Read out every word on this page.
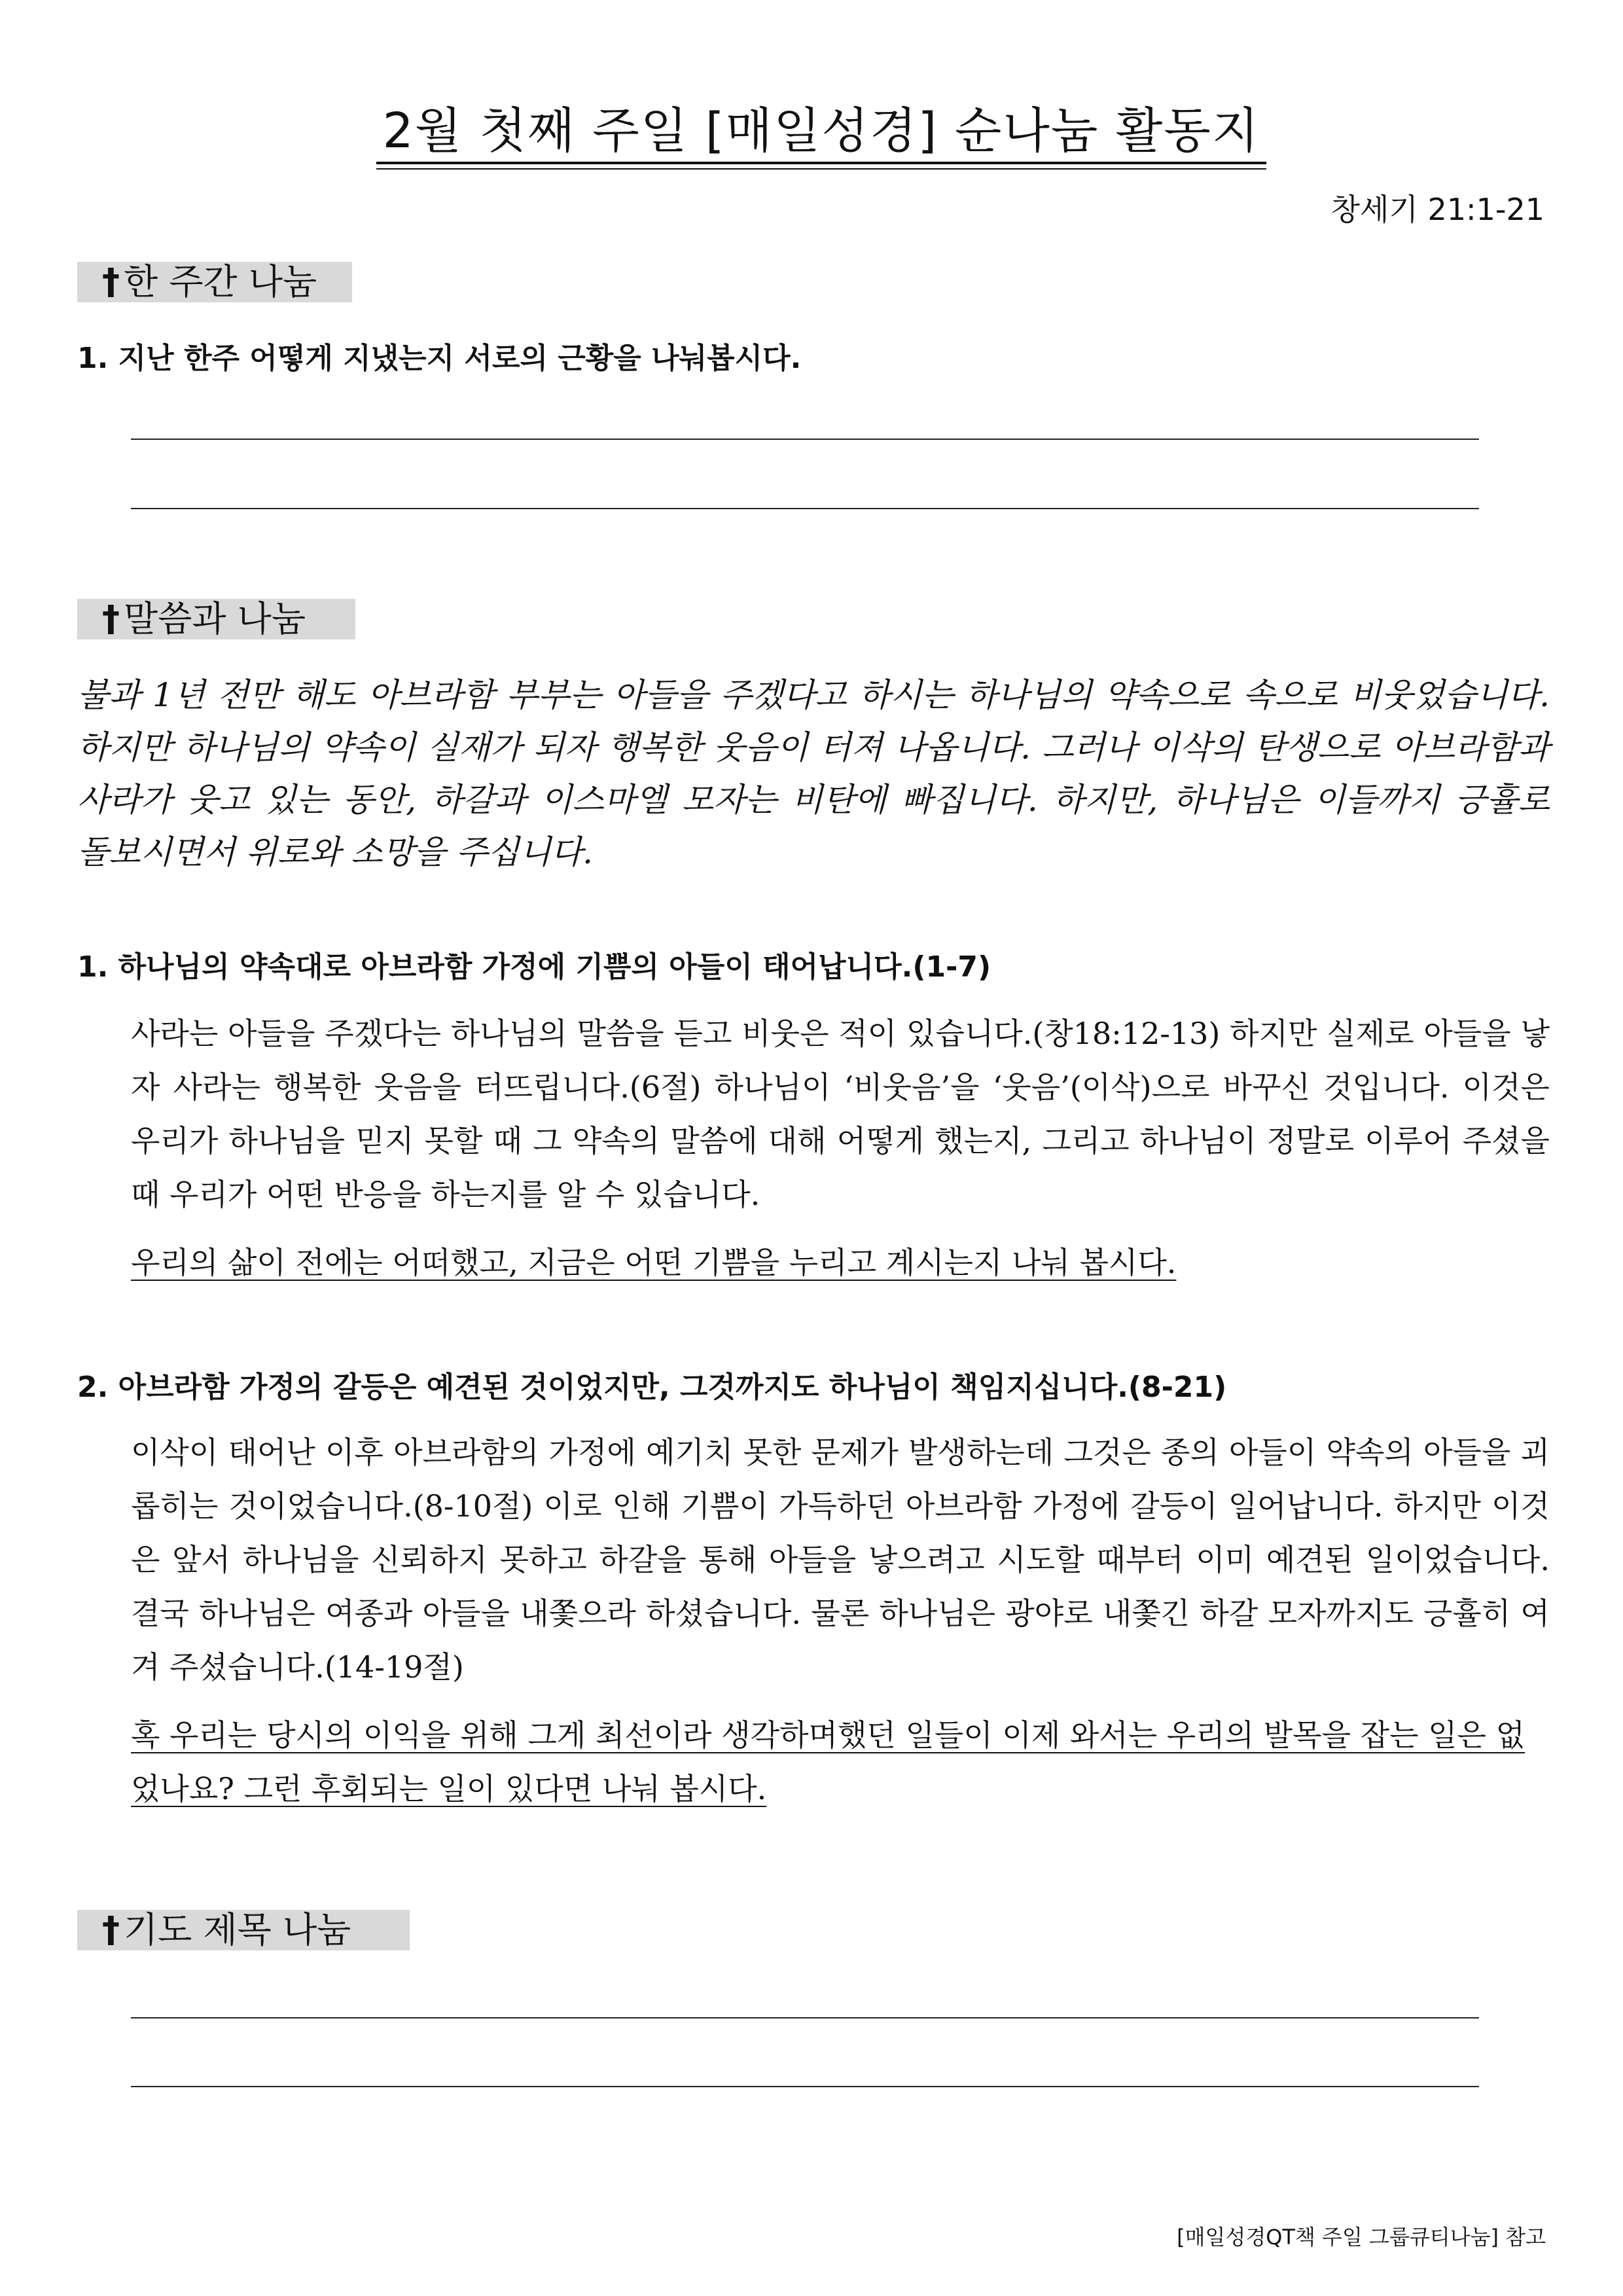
2월 첫째 주일 [매일성경] 순나눔 활동지
창세기 21:1-21
† 한 주간 나눔
1. 지난 한주 어떻게 지냈는지 서로의 근황을 나눠봅시다.
† 말씀과 나눔

불과 1년 전만 해도 아브라함 부부는 아들을 주겠다고 하시는 하나님의 약속으로 속으로 비웃었습니다. 하지만 하나님의 약속이 실재가 되자 행복한 웃음이 터져 나옵니다. 그러나 이삭의 탄생으로 아브라함과 사라가 웃고 있는 동안, 하갈과 이스마엘 모자는 비탄에 빠집니다. 하지만, 하나님은 이들까지 긍휼로 돌보시면서 위로와 소망을 주십니다.

1. 하나님의 약속대로 아브라함 가정에 기쁨의 아들이 태어납니다.(1-7)

사라는 아들을 주겠다는 하나님의 말씀을 듣고 비웃은 적이 있습니다.(창18:12-13) 하지만 실제로 아들을 낳자 사라는 행복한 웃음을 터뜨립니다.(6절) 하나님이 ‘비웃음’을 ‘웃음’(이삭)으로 바꾸신 것입니다. 이것은 우리가 하나님을 믿지 못할 때 그 약속의 말씀에 대해 어떻게 했는지, 그리고 하나님이 정말로 이루어 주셨을 때 우리가 어떤 반응을 하는지를 알 수 있습니다.

우리의 삶이 전에는 어떠했고, 지금은 어떤 기쁨을 누리고 계시는지 나눠 봅시다.

2. 아브라함 가정의 갈등은 예견된 것이었지만, 그것까지도 하나님이 책임지십니다.(8-21)

이삭이 태어난 이후 아브라함의 가정에 예기치 못한 문제가 발생하는데 그것은 종의 아들이 약속의 아들을 괴롭히는 것이었습니다.(8-10절) 이로 인해 기쁨이 가득하던 아브라함 가정에 갈등이 일어납니다. 하지만 이것은 앞서 하나님을 신뢰하지 못하고 하갈을 통해 아들을 낳으려고 시도할 때부터 이미 예견된 일이었습니다. 결국 하나님은 여종과 아들을 내쫓으라 하셨습니다. 물론 하나님은 광야로 내쫓긴 하갈 모자까지도 긍휼히 여겨 주셨습니다.(14-19절)

혹 우리는 당시의 이익을 위해 그게 최선이라 생각하며했던 일들이 이제 와서는 우리의 발목을 잡는 일은 없었나요? 그런 후회되는 일이 있다면 나눠 봅시다.

† 기도 제목 나눔
[매일성경QT책 주일 그룹큐티나눔] 참고
